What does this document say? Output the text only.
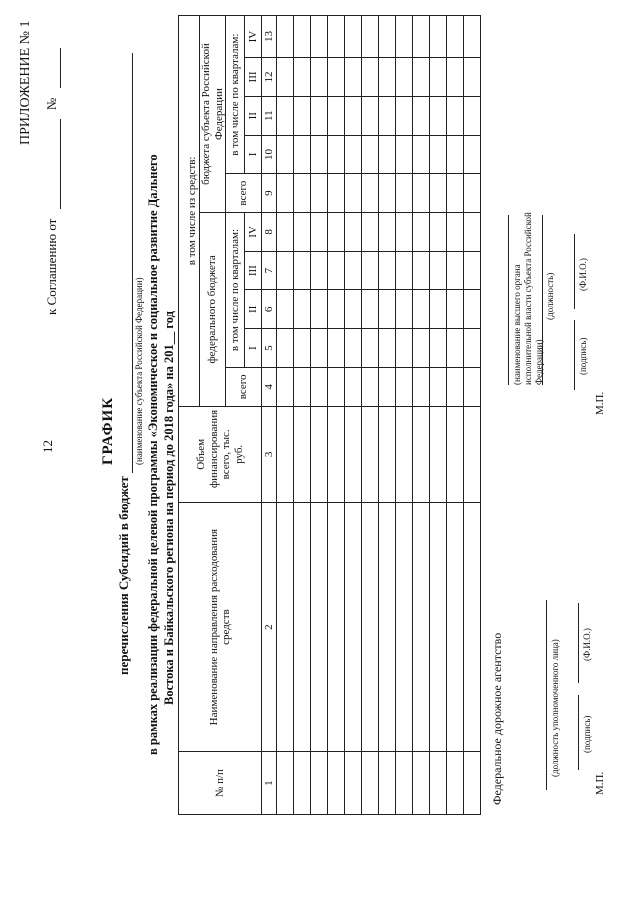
12
ПРИЛОЖЕНИЕ № 1
к Соглашению от   №
ГРАФИК
перечисления Субсидий в бюджет
(наименование субъекта Российской Федерации) в рамках реализации федеральной целевой программы «Экономическое и социальное развитие Дальнего Востока и Байкальского региона на период до 2018 года» на 201__ год
№ п/п	Наименование направления расходования средств	Объем финансирования всего, тыс. руб.	в том числе из средств:									
			федерального бюджета					бюджета субъекта Российской Федерации				
			всего	в том числе по кварталам:				всего	в том числе по кварталам:			
				I	II	III	IV		I	II	III	IV
1	2	3	4	5	6	7	8	9	10	11	12	13

Федеральное дорожное агентство	(должность уполномоченного лица) (подпись)
(Ф.И.О.)
М.П.
(наименование высшего органа исполнительной власти субъекта Российской Федерации)
(должность)
(подпись)
(Ф.И.О.)
М.П.
